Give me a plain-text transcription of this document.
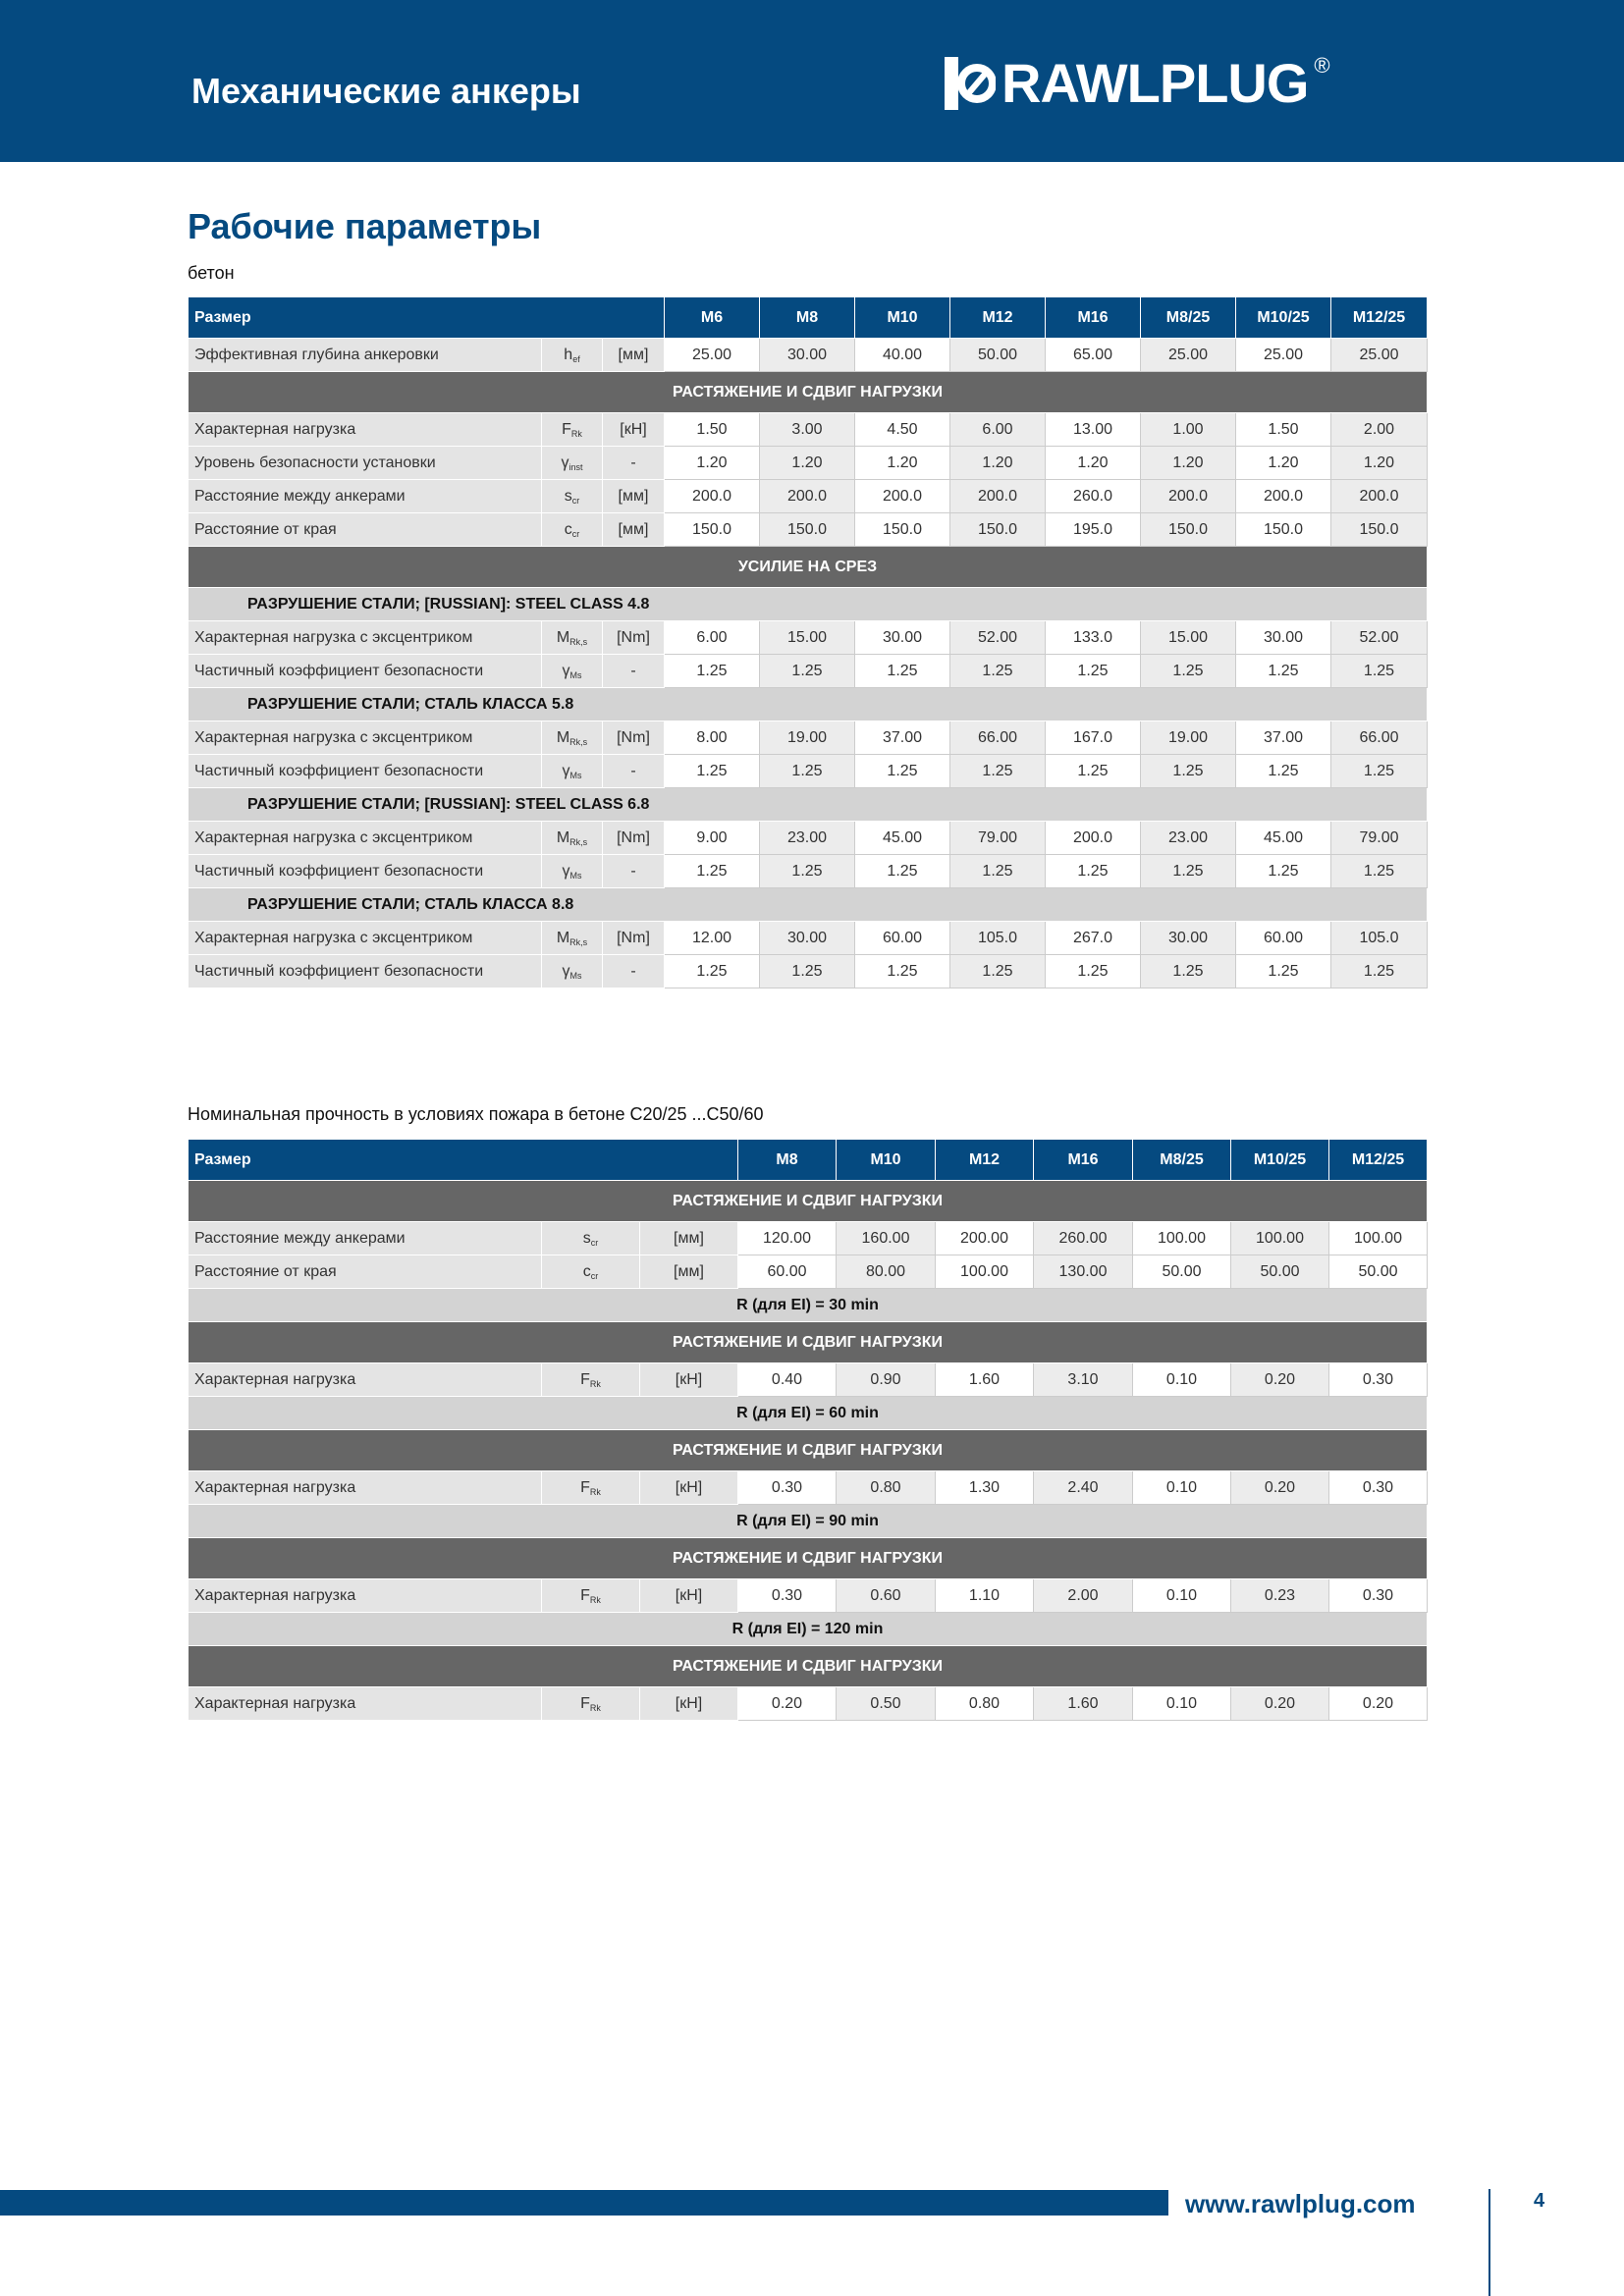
Механические анкеры	RAWLPLUG ®
Рабочие параметры
бетон
Размер			M6	M8	M10	M12	M16	M8/25	M10/25	M12/25
Эффективная глубина анкеровки	hef	[мм]	25.00	30.00	40.00	50.00	65.00	25.00	25.00	25.00
РАСТЯЖЕНИЕ И СДВИГ НАГРУЗКИ										
Характерная нагрузка	FRk	[кН]	1.50	3.00	4.50	6.00	13.00	1.00	1.50	2.00
Уровень безопасности установки	γinst	-	1.20	1.20	1.20	1.20	1.20	1.20	1.20	1.20
Расстояние между анкерами	scr	[мм]	200.0	200.0	200.0	200.0	260.0	200.0	200.0	200.0
Расстояние от края	ccr	[мм]	150.0	150.0	150.0	150.0	195.0	150.0	150.0	150.0
УСИЛИЕ НА СРЕЗ										
РАЗРУШЕНИЕ СТАЛИ; [RUSSIAN]: STEEL CLASS 4.8										
Характерная нагрузка с эксцентриком	MRk,s	[Nm]	6.00	15.00	30.00	52.00	133.0	15.00	30.00	52.00
Частичный коэффициент безопасности	γMs	-	1.25	1.25	1.25	1.25	1.25	1.25	1.25	1.25
РАЗРУШЕНИЕ СТАЛИ; СТАЛЬ КЛАССА 5.8										
Характерная нагрузка с эксцентриком	MRk,s	[Nm]	8.00	19.00	37.00	66.00	167.0	19.00	37.00	66.00
Частичный коэффициент безопасности	γMs	-	1.25	1.25	1.25	1.25	1.25	1.25	1.25	1.25
РАЗРУШЕНИЕ СТАЛИ; [RUSSIAN]: STEEL CLASS 6.8										
Характерная нагрузка с эксцентриком	MRk,s	[Nm]	9.00	23.00	45.00	79.00	200.0	23.00	45.00	79.00
Частичный коэффициент безопасности	γMs	-	1.25	1.25	1.25	1.25	1.25	1.25	1.25	1.25
РАЗРУШЕНИЕ СТАЛИ; СТАЛЬ КЛАССА 8.8										
Характерная нагрузка с эксцентриком	MRk,s	[Nm]	12.00	30.00	60.00	105.0	267.0	30.00	60.00	105.0
Частичный коэффициент безопасности	γMs	-	1.25	1.25	1.25	1.25	1.25	1.25	1.25	1.25
Номинальная прочность в условиях пожара в бетоне C20/25 ...C50/60
Размер			M8	M10	M12	M16	M8/25	M10/25	M12/25
РАСТЯЖЕНИЕ И СДВИГ НАГРУЗКИ									
Расстояние между анкерами	scr	[мм]	120.00	160.00	200.00	260.00	100.00	100.00	100.00
Расстояние от края	ccr	[мм]	60.00	80.00	100.00	130.00	50.00	50.00	50.00
R (для EI) = 30 min									
РАСТЯЖЕНИЕ И СДВИГ НАГРУЗКИ									
Характерная нагрузка	FRk	[кН]	0.40	0.90	1.60	3.10	0.10	0.20	0.30
R (для EI) = 60 min									
РАСТЯЖЕНИЕ И СДВИГ НАГРУЗКИ									
Характерная нагрузка	FRk	[кН]	0.30	0.80	1.30	2.40	0.10	0.20	0.30
R (для EI) = 90 min									
РАСТЯЖЕНИЕ И СДВИГ НАГРУЗКИ									
Характерная нагрузка	FRk	[кН]	0.30	0.60	1.10	2.00	0.10	0.23	0.30
R (для EI) = 120 min									
РАСТЯЖЕНИЕ И СДВИГ НАГРУЗКИ									
Характерная нагрузка	FRk	[кН]	0.20	0.50	0.80	1.60	0.10	0.20	0.20
www.rawlplug.com	4
